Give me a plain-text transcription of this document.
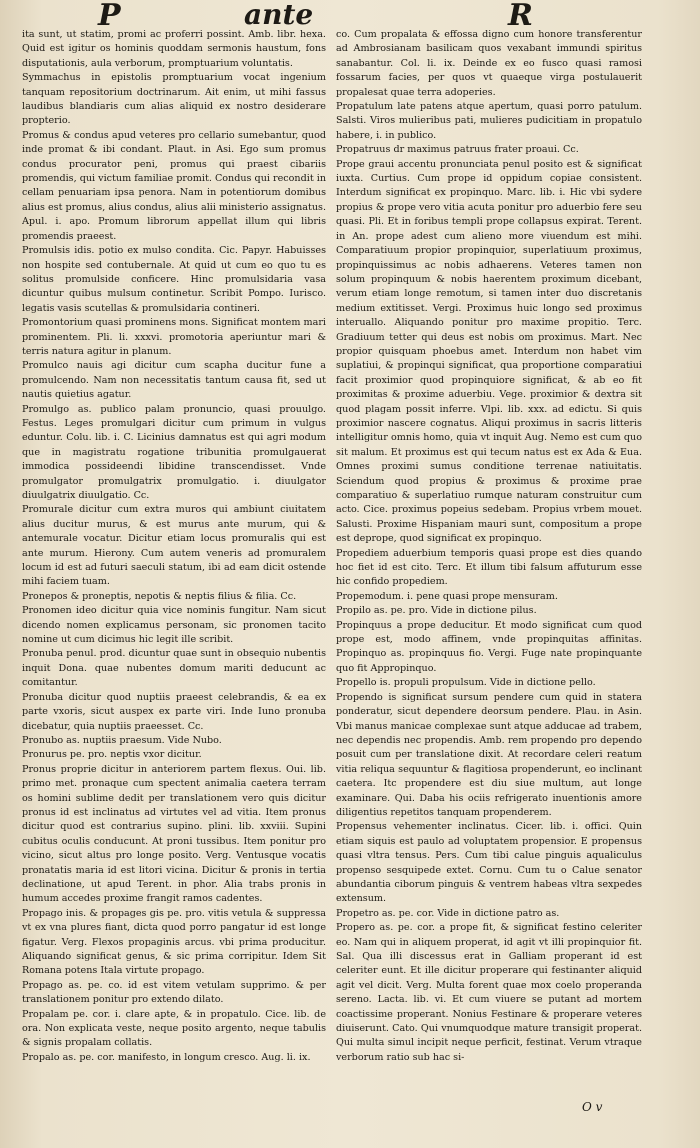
P	ante	R

ita sunt, ut statim, promi ac proferri possint. Amb. libr. hexa. Quid est igitur os hominis quoddam sermonis haustum, fons disputationis, aula verborum, promptuarium voluntatis.

Symmachus in epistolis promptuarium vocat ingenium tanquam repositorium doctrinarum. Ait enim, ut mihi fassus laudibus blandiaris cum alias aliquid ex nostro desiderare propterio.

Promus & condus apud veteres pro cellario sumebantur, quod inde promat & ibi condant. Plaut. in Asi. Ego sum promus condus procurator peni, promus qui praest cibariis promendis, qui victum familiae promit. Condus qui recondit in cellam penuariam ipsa penora. Nam in potentiorum domibus alius est promus, alius condus, alius alii ministerio assignatus. Apul. i. apo. Promum librorum appellat illum qui libris promendis praeest.

Promulsis idis. potio ex mulso condita. Cic. Papyr. Habuisses non hospite sed contubernale. At quid ut cum eo quo tu es solitus promulside conficere. Hinc promulsidaria vasa dicuntur quibus mulsum continetur. Scribit Pompo. Iurisco. legatis vasis scutellas & promulsidaria contineri.

Promontorium quasi prominens mons. Significat montem mari prominentem. Pli. li. xxxvi. promotoria aperiuntur mari & terris natura agitur in planum.

Promulco nauis agi dicitur cum scapha ducitur fune a promulcendo. Nam non necessitatis tantum causa fit, sed ut nautis quietius agatur.

Promulgo as. publico palam pronuncio, quasi prouulgo. Festus. Leges promulgari dicitur cum primum in vulgus eduntur. Colu. lib. i. C. Licinius damnatus est qui agri modum que in magistratu rogatione tribunitia promulgauerat immodica possideendi libidine transcendisset. Vnde promulgator promulgatrix promulgatio. i. diuulgator diuulgatrix diuulgatio. Cc.

Promurale dicitur cum extra muros qui ambiunt ciuitatem alius ducitur murus, & est murus ante murum, qui & antemurale vocatur. Dicitur etiam locus promuralis qui est ante murum. Hierony. Cum autem veneris ad promuralem locum id est ad futuri saeculi statum, ibi ad eam dicit ostende mihi faciem tuam.

Pronepos & proneptis, nepotis & neptis filius & filia. Cc.

Pronomen ideo dicitur quia vice nominis fungitur. Nam sicut dicendo nomen explicamus personam, sic pronomen tacito nomine ut cum dicimus hic legit ille scribit.

Pronuba penul. prod. dicuntur quae sunt in obsequio nubentis inquit Dona. quae nubentes domum mariti deducunt ac comitantur.

Pronuba dicitur quod nuptiis praeest celebrandis, & ea ex parte vxoris, sicut auspex ex parte viri. Inde Iuno pronuba dicebatur, quia nuptiis praeesset. Cc.

Pronubo as. nuptiis praesum. Vide Nubo.

Pronurus pe. pro. neptis vxor dicitur.

Pronus proprie dicitur in anteriorem partem flexus. Oui. lib. primo met. pronaque cum spectent animalia caetera terram os homini sublime dedit per translationem vero quis dicitur pronus id est inclinatus ad virtutes vel ad vitia. Item pronus dicitur quod est contrarius supino. plini. lib. xxviii. Supini cubitus oculis conducunt. At proni tussibus. Item ponitur pro vicino, sicut altus pro longe posito. Verg. Ventusque vocatis pronatatis maria id est litori vicina. Dicitur & pronis in tertia declinatione, ut apud Terent. in phor. Alia trabs pronis in humum accedes proxime frangit ramos cadentes.

Propago inis. & propages gis pe. pro. vitis vetula & suppressa vt ex vna plures fiant, dicta quod porro pangatur id est longe figatur. Verg. Flexos propaginis arcus. vbi prima producitur. Aliquando significat genus, & sic prima corripitur. Idem Sit Romana potens Itala virtute propago.

Propago as. pe. co. id est vitem vetulam supprimo. & per translationem ponitur pro extendo dilato.

Propalam pe. cor. i. clare apte, & in propatulo. Cice. lib. de ora. Non explicata veste, neque posito argento, neque tabulis & signis propalam collatis.

Propalo as. pe. cor. manifesto, in longum cresco. Aug. li. ix.

co. Cum propalata & effossa digno cum honore transferentur ad Ambrosianam basilicam quos vexabant immundi spiritus sanabantur. Col. li. ix. Deinde ex eo fusco quasi ramosi fossarum facies, per quos vt quaeque virga postulauerit propalesat quae terra adoperies.

Propatulum late patens atque apertum, quasi porro patulum. Salsti. Viros mulieribus pati, mulieres pudicitiam in propatulo habere, i. in publico.

Propatruus dr maximus patruus frater proaui. Cc.

Prope graui accentu pronunciata penul posito est & significat iuxta. Curtius. Cum prope id oppidum copiae consistent. Interdum significat ex propinquo. Marc. lib. i. Hic vbi sydere propius & prope vero vitia acuta ponitur pro aduerbio fere seu quasi. Pli. Et in foribus templi prope collapsus expirat. Terent. in An. prope adest cum alieno more viuendum est mihi. Comparatiuum propior propinquior, superlatiuum proximus, propinquissimus ac nobis adhaerens. Veteres tamen non solum propinquum & nobis haerentem proximum dicebant, verum etiam longe remotum, si tamen inter duo discretanis medium extitisset. Vergi. Proximus huic longo sed proximus interuallo. Aliquando ponitur pro maxime propitio. Terc. Gradiuum tetter qui deus est nobis om proximus. Mart. Nec propior quisquam phoebus amet. Interdum non habet vim suplatiui, & propinqui significat, qua proportione comparatiui facit proximior quod propinquiore significat, & ab eo fit proximitas & proxime aduerbiu. Vege. proximior & dextra sit quod plagam possit inferre. Vlpi. lib. xxx. ad edictu. Si quis proximior nascere cognatus. Aliqui proximus in sacris litteris intelligitur omnis homo, quia vt inquit Aug. Nemo est cum quo sit malum. Et proximus est qui tecum natus est ex Ada & Eua. Omnes proximi sumus conditione terrenae natiuitatis. Sciendum quod propius & proximus & proxime prae comparatiuo & superlatiuo rumque naturam construitur cum acto. Cice. proximus popeius sedebam. Propius vrbem mouet. Salusti. Proxime Hispaniam mauri sunt, compositum a prope est deprope, quod significat ex propinquo.

Propediem aduerbium temporis quasi prope est dies quando hoc fiet id est cito. Terc. Et illum tibi falsum affuturum esse hic confido propediem.

Propemodum. i. pene quasi prope mensuram.

Propilo as. pe. pro. Vide in dictione pilus.

Propinquus a prope deducitur. Et modo significat cum quod prope est, modo affinem, vnde propinquitas affinitas. Propinquo as. propinquus fio. Vergi. Fuge nate propinquante quo fit Appropinquo.

Propello is. propuli propulsum. Vide in dictione pello.

Propendo is significat sursum pendere cum quid in statera ponderatur, sicut dependere deorsum pendere. Plau. in Asin. Vbi manus manicae complexae sunt atque adducae ad trabem, nec dependis nec propendis. Amb. rem propendo pro dependo posuit cum per translatione dixit. At recordare celeri reatum vitia reliqua sequuntur & flagitiosa propenderunt, eo inclinant caetera. Itc propendere est diu siue multum, aut longe examinare. Qui. Daba his ociis refrigerato inuentionis amore diligentius repetitos tanquam propenderem.

Propensus vehementer inclinatus. Cicer. lib. i. offici. Quin etiam siquis est paulo ad voluptatem propensior. E propensus quasi vltra tensus. Pers. Cum tibi calue pinguis aqualiculus propenso sesquipede extet. Cornu. Cum tu o Calue senator abundantia ciborum pinguis & ventrem habeas vltra sexpedes extensum.

Propetro as. pe. cor. Vide in dictione patro as.

Propero as. pe. cor. a prope fit, & significat festino celeriter eo. Nam qui in aliquem properat, id agit vt illi propinquior fit. Sal. Qua illi discessus erat in Galliam properant id est celeriter eunt. Et ille dicitur properare qui festinanter aliquid agit vel dicit. Verg. Multa forent quae mox coelo properanda sereno. Lacta. lib. vi. Et cum viuere se putant ad mortem coactissime properant. Nonius Festinare & properare veteres diuiserunt. Cato. Qui vnumquodque mature transigit properat. Qui multa simul incipit neque perficit, festinat. Verum vtraque verborum ratio sub hac si-

O v
